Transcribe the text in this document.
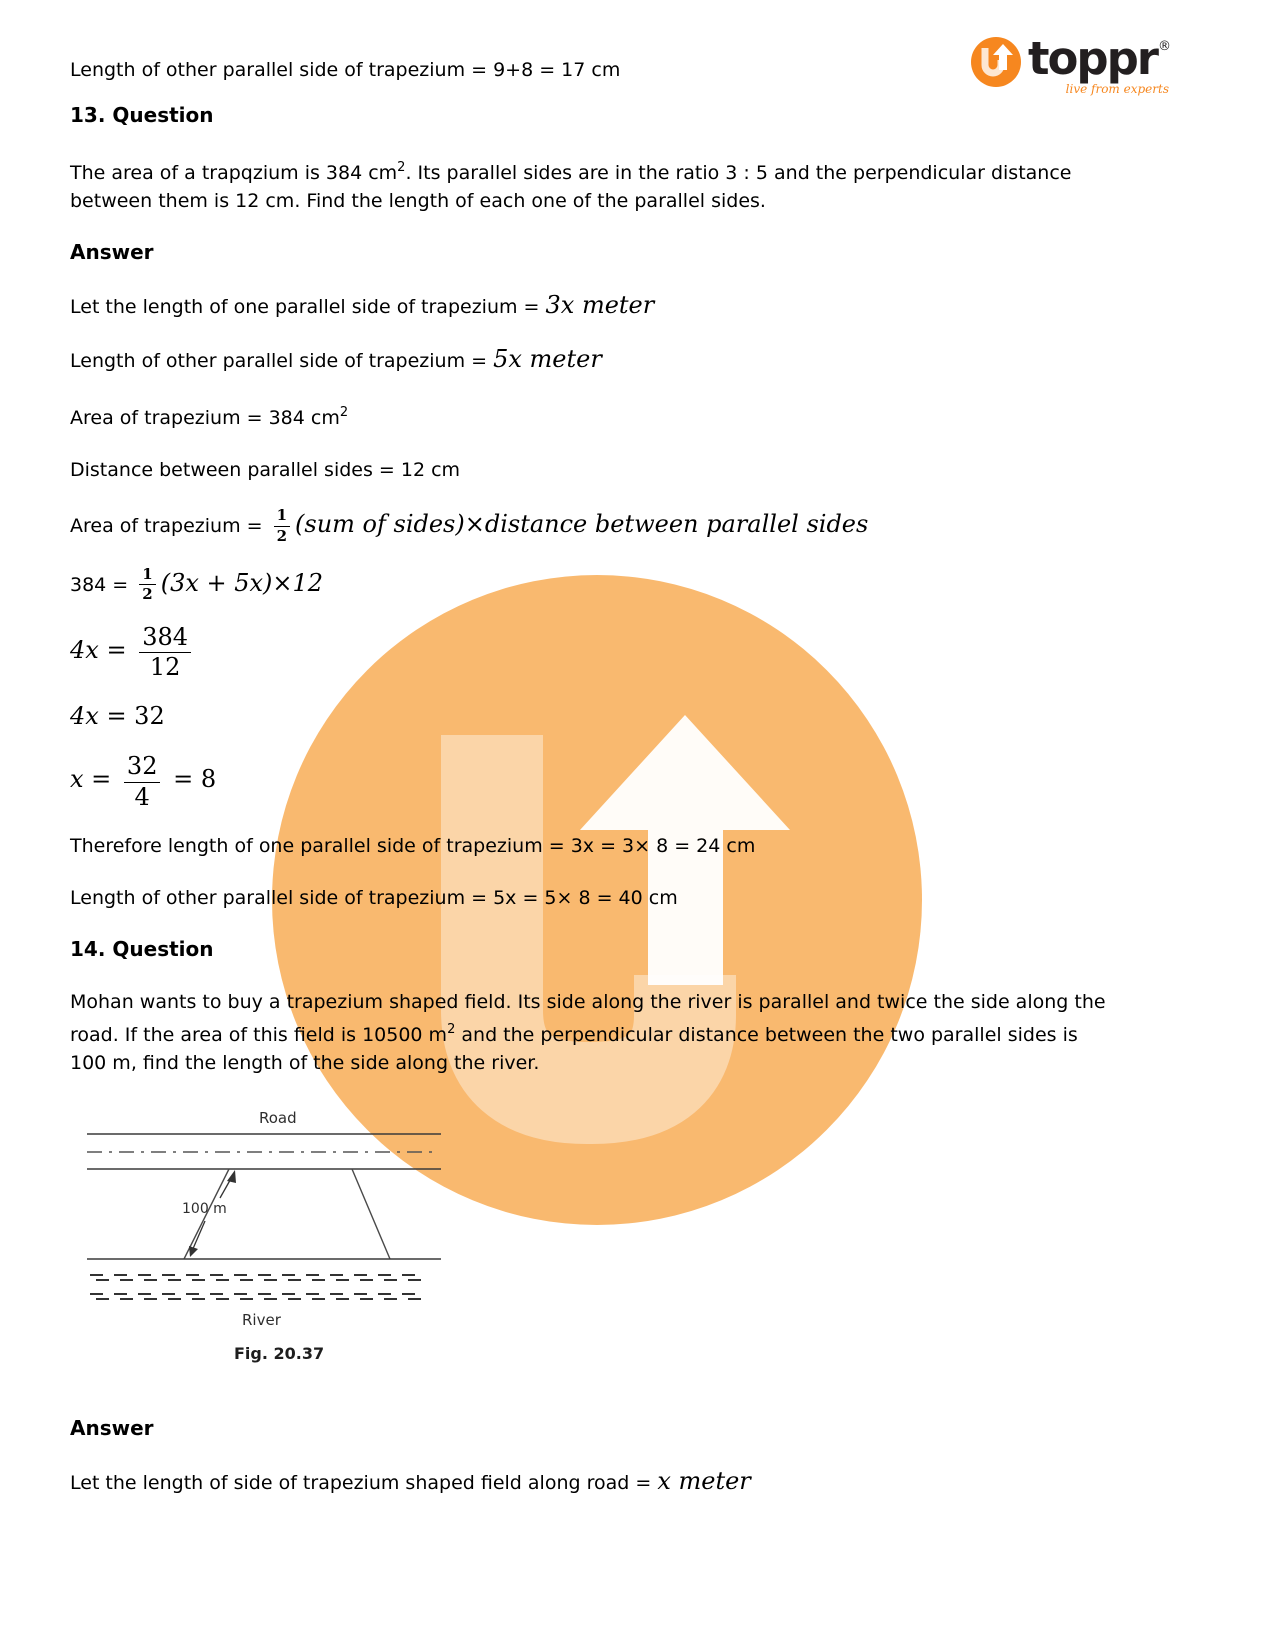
toppr®
live from experts

Length of other parallel side of trapezium = 9+8 = 17 cm

13. Question

The area of a trapqzium is 384 $cm^2$. Its parallel sides are in the ratio 3 : 5 and the perpendicular distance between them is 12 cm. Find the length of each one of the parallel sides.

Answer

Let the length of one parallel side of trapezium = 3x meter

Length of other parallel side of trapezium = 5x meter

Area of trapezium = 384 $cm^2$

Distance between parallel sides = 12 cm

Area of trapezium = $\frac{1}{2} (sum$ of sides)×distance between parallel sides

$384 = \frac{1}{2} (3x + 5x)\times 12$

$4x = \frac{384}{12}$

4x = 32

$x = \frac{32}{4} = 8$

Therefore length of one parallel side of trapezium = 3x = 3× 8 = 24 cm

Length of other parallel side of trapezium = 5x = 5× 8 = 40 cm

14. Question

Mohan wants to buy a trapezium shaped field. Its side along the river is parallel and twice the side along the road. If the area of this field is 10500 $m^2$ and the perpendicular distance between the two parallel sides is 100 m, find the length of the side along the river.

Road
100 m
River
Fig. 20.37
Answer

Let the length of side of trapezium shaped field along road = x meter
